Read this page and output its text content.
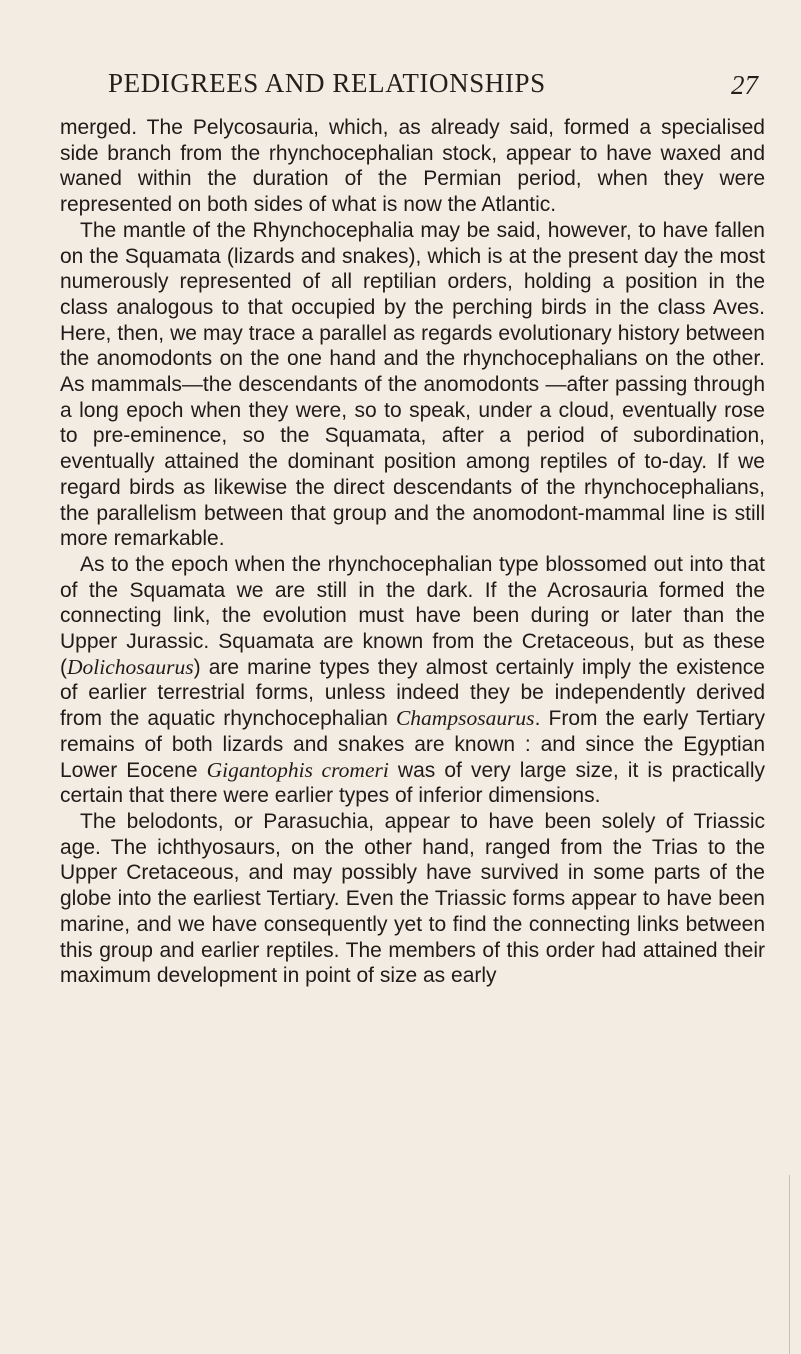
PEDIGREES AND RELATIONSHIPS	27

merged. The Pelycosauria, which, as already said, formed a specialised side branch from the rhynchocephalian stock, appear to have waxed and waned within the duration of the Permian period, when they were represented on both sides of what is now the Atlantic.

The mantle of the Rhynchocephalia may be said, however, to have fallen on the Squamata (lizards and snakes), which is at the present day the most numerously represented of all reptilian orders, holding a position in the class analogous to that occupied by the perching birds in the class Aves. Here, then, we may trace a parallel as regards evolutionary history between the anomodonts on the one hand and the rhynchocephalians on the other. As mammals—the descendants of the anomodonts —after passing through a long epoch when they were, so to speak, under a cloud, eventually rose to pre-eminence, so the Squamata, after a period of subordination, eventually attained the dominant position among reptiles of to-day. If we regard birds as likewise the direct descendants of the rhynchocephalians, the parallelism between that group and the anomodont-mammal line is still more remarkable.

As to the epoch when the rhynchocephalian type blossomed out into that of the Squamata we are still in the dark. If the Acrosauria formed the connecting link, the evolution must have been during or later than the Upper Jurassic. Squamata are known from the Cretaceous, but as these (Dolichosaurus) are marine types they almost certainly imply the existence of earlier terrestrial forms, unless indeed they be independently derived from the aquatic rhynchocephalian Champsosaurus. From the early Tertiary remains of both lizards and snakes are known : and since the Egyptian Lower Eocene Gigantophis cromeri was of very large size, it is practically certain that there were earlier types of inferior dimensions.

The belodonts, or Parasuchia, appear to have been solely of Triassic age. The ichthyosaurs, on the other hand, ranged from the Trias to the Upper Cretaceous, and may possibly have survived in some parts of the globe into the earliest Tertiary. Even the Triassic forms appear to have been marine, and we have consequently yet to find the connecting links between this group and earlier reptiles. The members of this order had attained their maximum development in point of size as early
